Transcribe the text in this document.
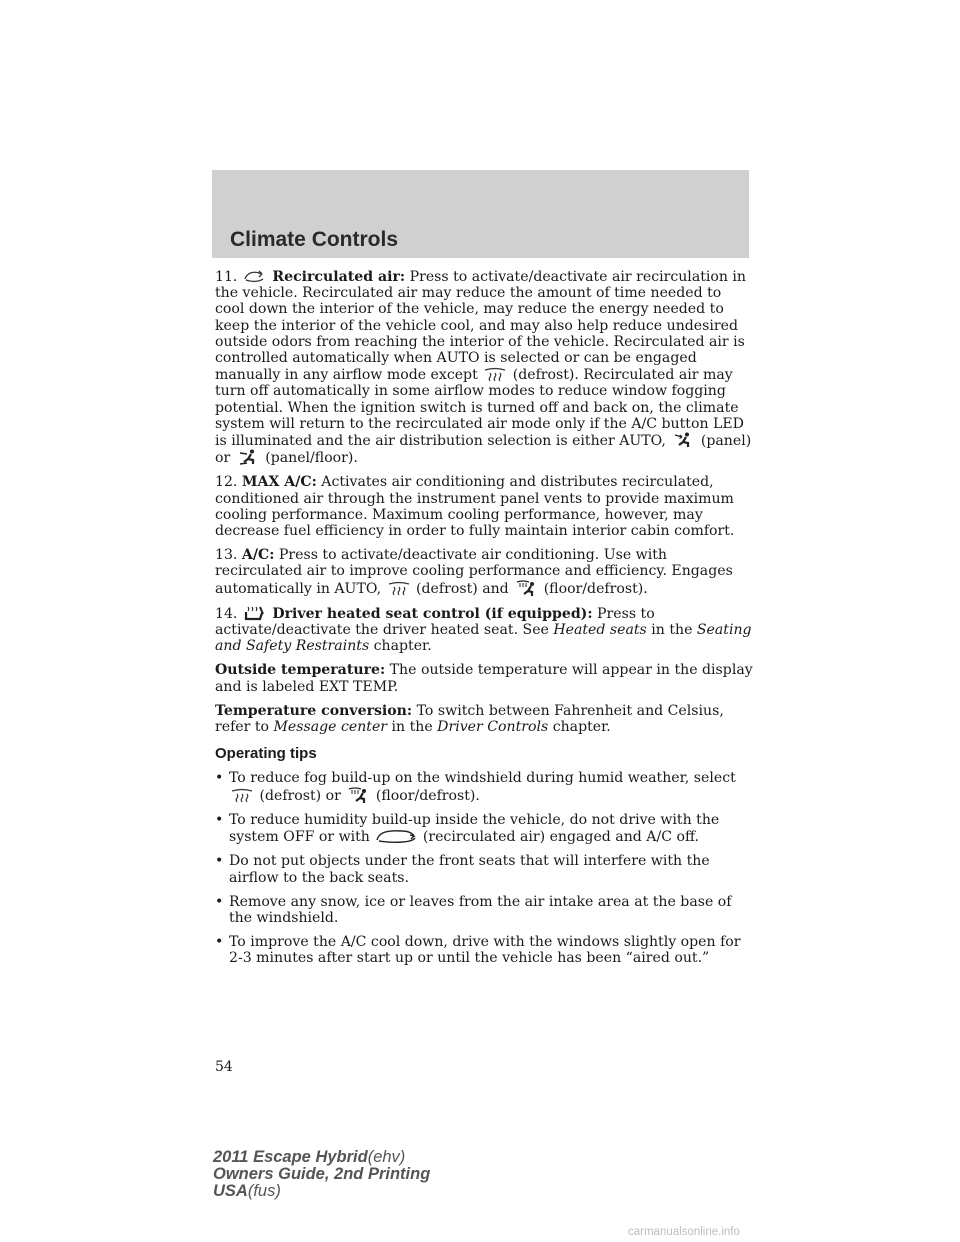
Climate Controls

11. Recirculated air: Press to activate/deactivate air recirculation in the vehicle. Recirculated air may reduce the amount of time needed to cool down the interior of the vehicle, may reduce the energy needed to keep the interior of the vehicle cool, and may also help reduce undesired outside odors from reaching the interior of the vehicle. Recirculated air is controlled automatically when AUTO is selected or can be engaged manually in any airflow mode except (defrost). Recirculated air may turn off automatically in some airflow modes to reduce window fogging potential. When the ignition switch is turned off and back on, the climate system will return to the recirculated air mode only if the A/C button LED is illuminated and the air distribution selection is either AUTO, (panel) or (panel/floor).

12. MAX A/C: Activates air conditioning and distributes recirculated, conditioned air through the instrument panel vents to provide maximum cooling performance. Maximum cooling performance, however, may decrease fuel efficiency in order to fully maintain interior cabin comfort.

13. A/C: Press to activate/deactivate air conditioning. Use with recirculated air to improve cooling performance and efficiency. Engages automatically in AUTO, (defrost) and (floor/defrost).

14. Driver heated seat control (if equipped): Press to activate/deactivate the driver heated seat. See Heated seats in the Seating and Safety Restraints chapter.

Outside temperature: The outside temperature will appear in the display and is labeled EXT TEMP.

Temperature conversion: To switch between Fahrenheit and Celsius, refer to Message center in the Driver Controls chapter.

Operating tips
• To reduce fog build-up on the windshield during humid weather, select
(defrost) or (floor/defrost).
• To reduce humidity build-up inside the vehicle, do not drive with the system OFF or with	(recirculated air) engaged and A/C off.
• Do not put objects under the front seats that will interfere with the airflow to the back seats.
• Remove any snow, ice or leaves from the air intake area at the base of the windshield.
• To improve the A/C cool down, drive with the windows slightly open for 2-3 minutes after start up or until the vehicle has been “aired out.”
54
2011 Escape Hybrid(ehv)
Owners Guide, 2nd Printing
USA(fus)
carmanualsonline.info
